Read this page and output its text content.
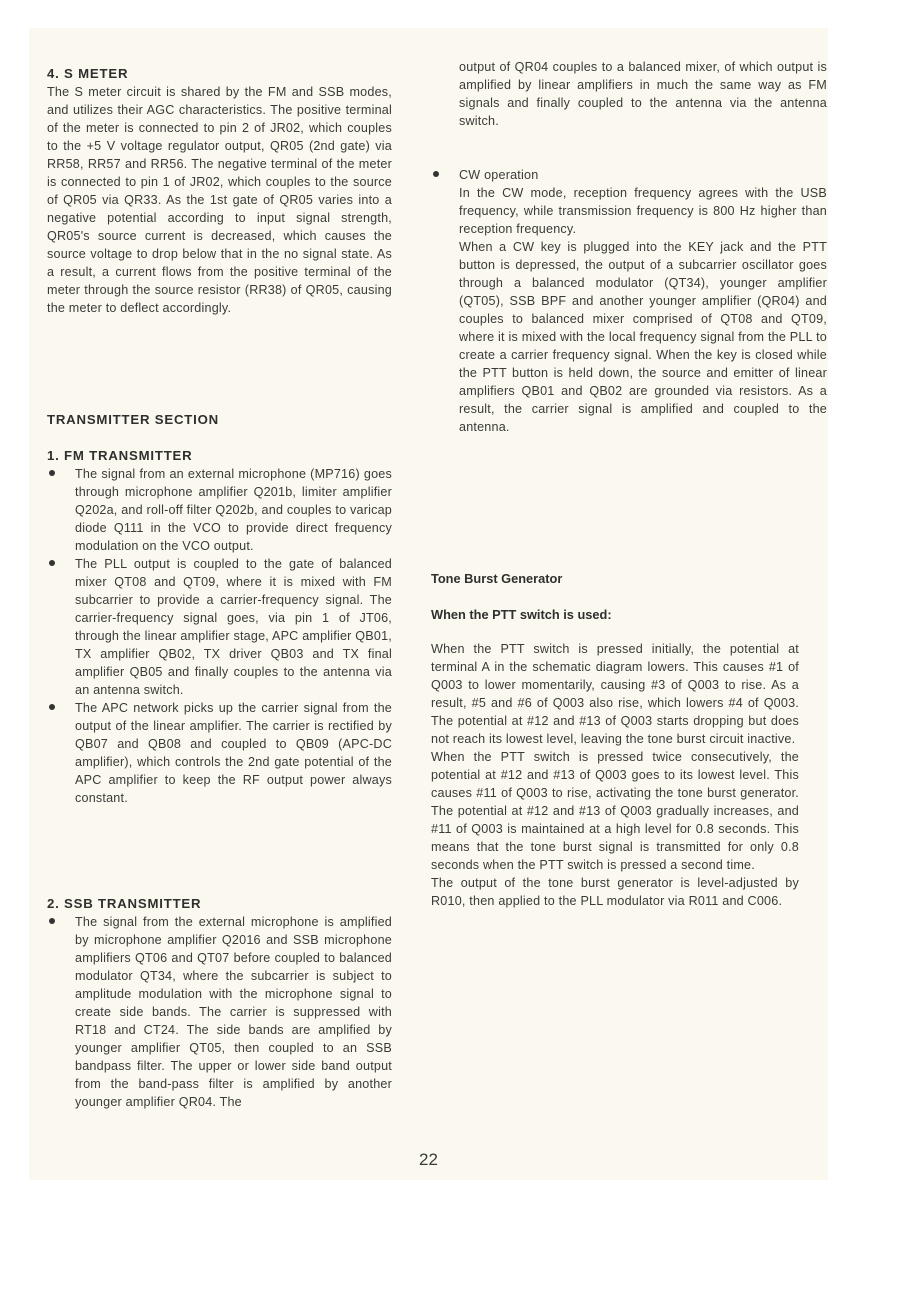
4. S METER

The S meter circuit is shared by the FM and SSB modes, and utilizes their AGC characteristics. The positive terminal of the meter is connected to pin 2 of JR02, which couples to the +5 V voltage regulator output, QR05 (2nd gate) via RR58, RR57 and RR56. The negative terminal of the meter is connected to pin 1 of JR02, which couples to the source of QR05 via QR33. As the 1st gate of QR05 varies into a negative potential according to input signal strength, QR05's source current is decreased, which causes the source voltage to drop below that in the no signal state. As a result, a current flows from the positive terminal of the meter through the source resistor (RR38) of QR05, causing the meter to deflect accordingly.

TRANSMITTER SECTION
1. FM TRANSMITTER

The signal from an external microphone (MP716) goes through microphone amplifier Q201b, limiter amplifier Q202a, and roll-off filter Q202b, and couples to varicap diode Q111 in the VCO to provide direct frequency modulation on the VCO output.

The PLL output is coupled to the gate of balanced mixer QT08 and QT09, where it is mixed with FM subcarrier to provide a carrier-frequency signal. The carrier-frequency signal goes, via pin 1 of JT06, through the linear amplifier stage, APC amplifier QB01, TX amplifier QB02, TX driver QB03 and TX final amplifier QB05 and finally couples to the antenna via an antenna switch.

The APC network picks up the carrier signal from the output of the linear amplifier. The carrier is rectified by QB07 and QB08 and coupled to QB09 (APC-DC amplifier), which controls the 2nd gate potential of the APC amplifier to keep the RF output power always constant.

2. SSB TRANSMITTER

The signal from the external microphone is amplified by microphone amplifier Q2016 and SSB microphone amplifiers QT06 and QT07 before coupled to balanced modulator QT34, where the subcarrier is subject to amplitude modulation with the microphone signal to create side bands. The carrier is suppressed with RT18 and CT24. The side bands are amplified by younger amplifier QT05, then coupled to an SSB bandpass filter. The upper or lower side band output from the band-pass filter is amplified by another younger amplifier QR04. The

output of QR04 couples to a balanced mixer, of which output is amplified by linear amplifiers in much the same way as FM signals and finally coupled to the antenna via the antenna switch.

CW operation

In the CW mode, reception frequency agrees with the USB frequency, while transmission frequency is 800 Hz higher than reception frequency.

When a CW key is plugged into the KEY jack and the PTT button is depressed, the output of a subcarrier oscillator goes through a balanced modulator (QT34), younger amplifier (QT05), SSB BPF and another younger amplifier (QR04) and couples to balanced mixer comprised of QT08 and QT09, where it is mixed with the local frequency signal from the PLL to create a carrier frequency signal. When the key is closed while the PTT button is held down, the source and emitter of linear amplifiers QB01 and QB02 are grounded via resistors. As a result, the carrier signal is amplified and coupled to the antenna.

Tone Burst Generator
When the PTT switch is used:

When the PTT switch is pressed initially, the potential at terminal A in the schematic diagram lowers. This causes #1 of Q003 to lower momentarily, causing #3 of Q003 to rise. As a result, #5 and #6 of Q003 also rise, which lowers #4 of Q003. The potential at #12 and #13 of Q003 starts dropping but does not reach its lowest level, leaving the tone burst circuit inactive.

When the PTT switch is pressed twice consecutively, the potential at #12 and #13 of Q003 goes to its lowest level. This causes #11 of Q003 to rise, activating the tone burst generator. The potential at #12 and #13 of Q003 gradually increases, and #11 of Q003 is maintained at a high level for 0.8 seconds. This means that the tone burst signal is transmitted for only 0.8 seconds when the PTT switch is pressed a second time.

The output of the tone burst generator is level-adjusted by R010, then applied to the PLL modulator via R011 and C006.

22
